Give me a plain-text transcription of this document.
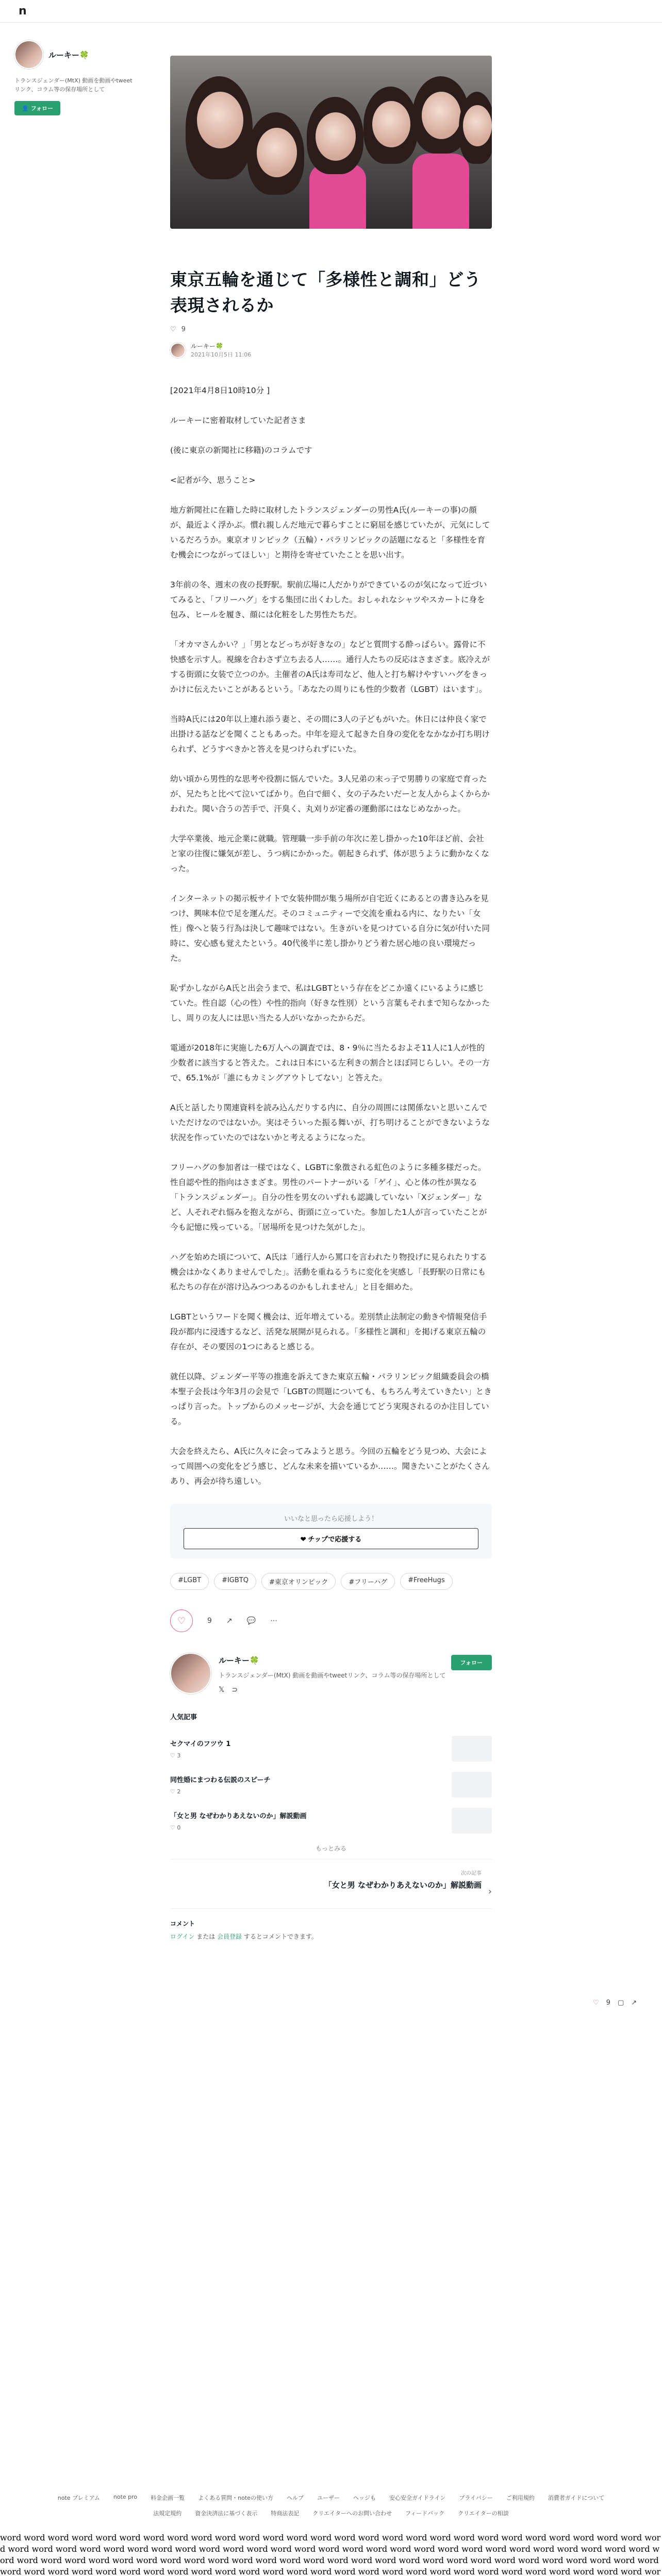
n
ルーキー🍀

トランスジェンダー(MtX) 動画を動画やtweetリンク、コラム等の保存場所として

👤 フォロー
東京五輪を通じて「多様性と調和」どう表現されるか
♡ 9
ルーキー🍀
2021年10月5日 11:06

[2021年4月8日10時10分 ]

ルーキーに密着取材していた記者さま

(後に東京の新聞社に移籍)のコラムです

<記者が今、思うこと>

地方新聞社に在籍した時に取材したトランスジェンダーの男性A氏(ルーキーの事)の顔が、最近よく浮かぶ。慣れ親しんだ地元で暮らすことに窮屈を感じていたが、元気にしているだろうか。東京オリンピック（五輪）・パラリンピックの話題になると「多様性を育む機会につながってほしい」と期待を寄せていたことを思い出す。

3年前の冬、週末の夜の長野駅。駅前広場に人だかりができているのが気になって近づいてみると、「フリーハグ」をする集団に出くわした。おしゃれなシャツやスカートに身を包み、ヒールを履き、顔には化粧をした男性たちだ。

「オカマさんかい？」「男となどっちが好きなの」などと質問する酔っぱらい。露骨に不快感を示す人。視線を合わさず立ち去る人……。通行人たちの反応はさまざま。底冷えがする街頭に女装で立つのか。主催者のA氏は寿司など、他人と打ち解けやすいハグをきっかけに伝えたいことがあるという。「あなたの周りにも性的少数者（LGBT）はいます」。

当時A氏には20年以上連れ添う妻と、その間に3人の子どもがいた。休日には仲良く家で出掛ける話などを聞くこともあった。中年を迎えて起きた自身の変化をなかなか打ち明けられず、どうすべきかと答えを見つけられずにいた。

幼い頃から男性的な思考や役割に悩んでいた。3人兄弟の末っ子で男勝りの家庭で育ったが、兄たちと比べて泣いてばかり。色白で細く、女の子みたいだーと友人からよくからかわれた。聞い合うの苦手で、汗臭く、丸刈りが定番の運動部にはなじめなかった。

大学卒業後、地元企業に就職。管理職一歩手前の年次に差し掛かった10年ほど前、会社と家の往復に嫌気が差し、うつ病にかかった。朝起きられず、体が思うように動かなくなった。

インターネットの掲示板サイトで女装仲間が集う場所が自宅近くにあるとの書き込みを見つけ、興味本位で足を運んだ。そのコミュニティーで交流を重ねる内に、なりたい「女性」像へと装う行為は決して趣味ではない。生きがいを見つけている自分に気が付いた同時に、安心感も覚えたという。40代後半に差し掛かりどう着た居心地の良い環境だった。

恥ずかしながらA氏と出会うまで、私はLGBTという存在をどこか遠くにいるように感じていた。性自認（心の性）や性的指向（好きな性別）という言葉もそれまで知らなかったし、周りの友人には思い当たる人がいなかったからだ。

電通が2018年に実施した6万人への調査では、8・9％に当たるおよそ11人に1人が性的少数者に該当すると答えた。これは日本にいる左利きの割合とほぼ同じらしい。その一方で、65.1%が「誰にもカミングアウトしてない」と答えた。

A氏と話したり関連資料を読み込んだりする内に、自分の周囲には関係ないと思いこんでいただけなのではないか。実はそういった振る舞いが、打ち明けることができないような状況を作っていたのではないかと考えるようになった。

フリーハグの参加者は一様ではなく、LGBTに象徴される虹色のように多種多様だった。性自認や性的指向はさまざま。男性のパートナーがいる「ゲイ」、心と体の性が異なる「トランスジェンダー」。自分の性を男女のいずれも認識していない「Xジェンダー」など、人それぞれ悩みを抱えながら、街頭に立っていた。参加した1人が言っていたことが今も記憶に残っている。「居場所を見つけた気がした」。

ハグを始めた頃について、A氏は「通行人から罵口を言われたり物投げに見られたりする機会はかなくありませんでした」。活動を重ねるうちに変化を実感し「長野駅の日常にも私たちの存在が溶け込みつつあるのかもしれません」と目を細めた。

LGBTというワードを聞く機会は、近年増えている。差別禁止法制定の動きや情報発信手段が都内に浸透するなど、活発な展開が見られる。「多様性と調和」を掲げる東京五輪の存在が、その要因の1つにあると感じる。

就任以降、ジェンダー平等の推進を訴えてきた東京五輪・パラリンピック組織委員会の橋本聖子会長は今年3月の会見で「LGBTの問題についても、もちろん考えていきたい」ときっぱり言った。トップからのメッセージが、大会を通じてどう実現されるのか注目している。

大会を終えたら、A氏に久々に会ってみようと思う。今回の五輪をどう見つめ、大会によって周囲への変化をどう感じ、どんな未来を描いているか……。聞きたいことがたくさんあり、再会が待ち遠しい。

いいなと思ったら応援しよう！
❤ チップで応援する
#LGBT	#IGBTQ	#東京オリンピック	#フリーハグ	#FreeHugs
♡	9 ↗ 💬 ⋯
ルーキー🍀
トランスジェンダー(MtX) 動画を動画やtweetリンク、コラム等の保存場所として
𝕏 ⊃
フォロー
人気記事
セクマイのフツウ 1
♡ 3
同性婚にまつわる伝説のスピーチ
♡ 2
「女と男 なぜわかりあえないのか」解説動画
♡ 0
もっとみる
次の記事
「女と男 なぜわかりあえないのか」解説動画
›
コメント

ログイン または 会員登録 するとコメントできます。

♡ 9 ▢ ↗
note プレミアム note pro 料金企画一覧 よくある質問・noteの使い方 ヘルプ ユーザー ヘッジも 安心安全ガイドライン プライバシー ご利用規約 消費者ガイドについて
法規定規約 資金決済法に基づく表示 特商法表記 クリエイターへのお問い合わせ フィードバック クリエイターの相談
word word word word word word word word word word word word word word word word word word word word word word word word word word word word word word word word word word word word word word word word word word word word word word word word word word word word word word word word word word word word word word word word word word word word word word word word word word word word word word word word word word word word word word word word word word word word word word word word word word word word word word word word word word word word word word wor
